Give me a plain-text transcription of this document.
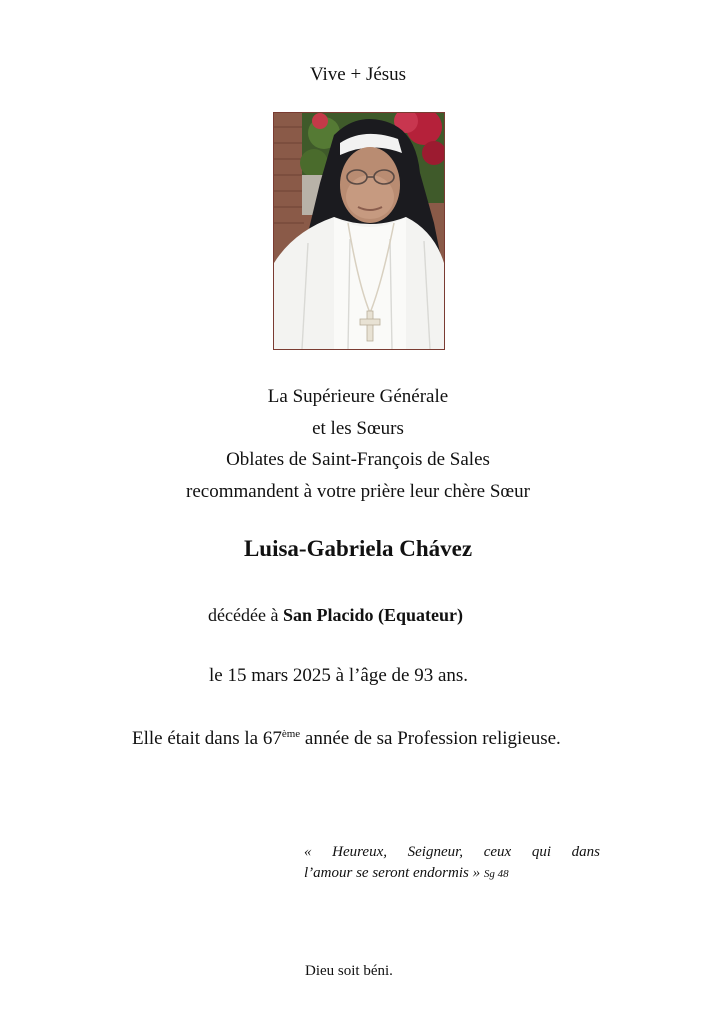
Vive + Jésus
La Supérieure Générale
et les Sœurs
Oblates de Saint-François de Sales
recommandent à votre prière leur chère Sœur
Luisa-Gabriela Chávez
décédée à San Placido (Equateur)
le 15 mars 2025 à l’âge de 93 ans.
Elle était dans la 67ème année de sa Profession religieuse.
« Heureux, Seigneur, ceux qui dans
l’amour se seront endormis » Sg 48
Dieu soit béni.
